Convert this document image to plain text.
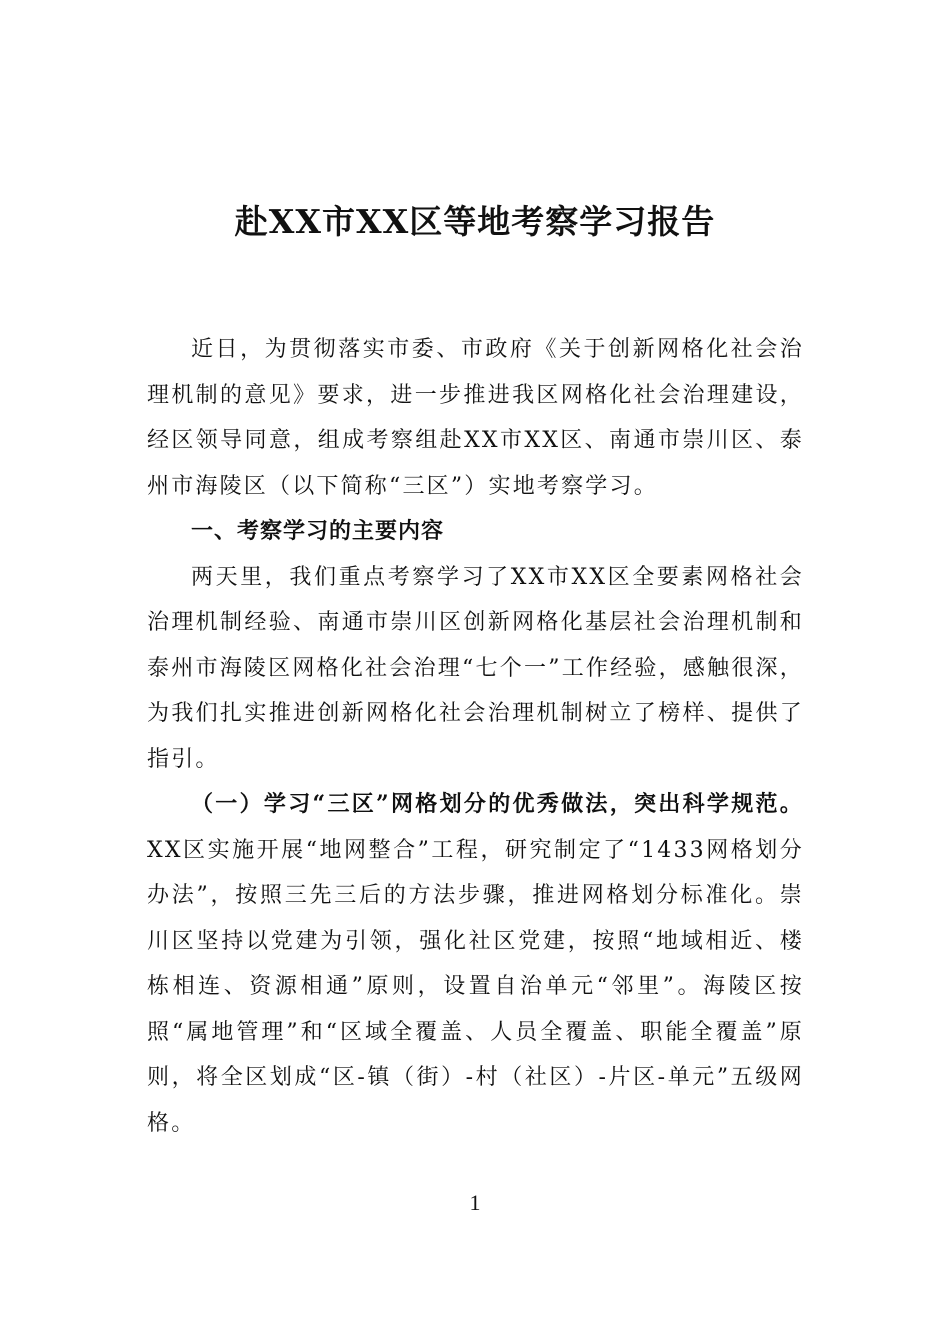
赴XX市XX区等地考察学习报告

近日，为贯彻落实市委、市政府《关于创新网格化社会治理机制的意见》要求，进一步推进我区网格化社会治理建设，经区领导同意，组成考察组赴XX市XX区、南通市崇川区、泰州市海陵区（以下简称“三区”）实地考察学习。

一、考察学习的主要内容

两天里，我们重点考察学习了XX市XX区全要素网格社会治理机制经验、南通市崇川区创新网格化基层社会治理机制和泰州市海陵区网格化社会治理“七个一”工作经验，感触很深，为我们扎实推进创新网格化社会治理机制树立了榜样、提供了指引。

（一）学习“三区”网格划分的优秀做法，突出科学规范。XX区实施开展“地网整合”工程，研究制定了“1433网格划分办法”，按照三先三后的方法步骤，推进网格划分标准化。崇川区坚持以党建为引领，强化社区党建，按照“地域相近、楼栋相连、资源相通”原则，设置自治单元“邻里”。海陵区按照“属地管理”和“区域全覆盖、人员全覆盖、职能全覆盖”原则，将全区划成“区-镇（街）-村（社区）-片区-单元”五级网格。

1
